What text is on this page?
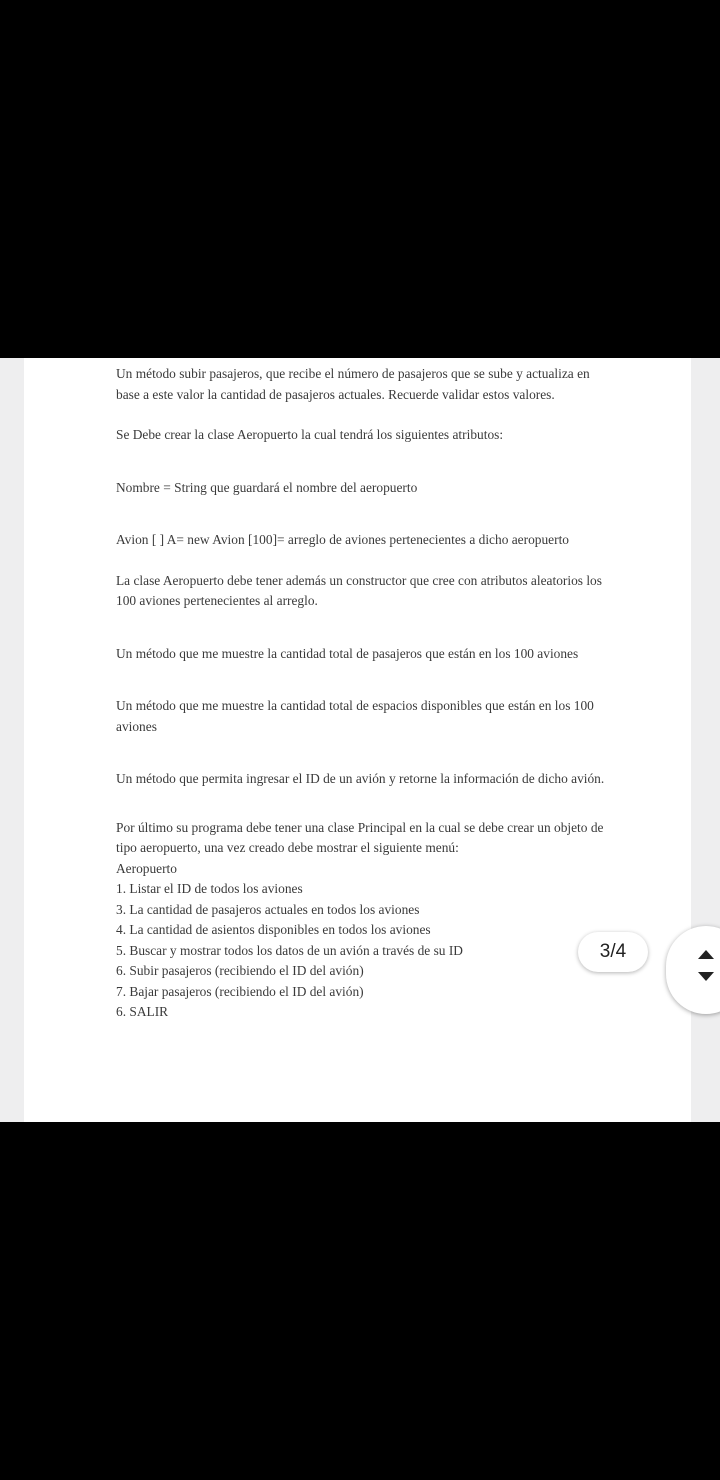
Un método subir pasajeros, que recibe el número de pasajeros que se sube y actualiza en base a este valor la cantidad de pasajeros actuales. Recuerde validar estos valores.

Se Debe crear la clase Aeropuerto la cual tendrá los siguientes atributos:

Nombre = String que guardará el nombre del aeropuerto

Avion [ ] A= new Avion [100]= arreglo de aviones pertenecientes a dicho aeropuerto

La clase Aeropuerto debe tener además un constructor que cree con atributos aleatorios los 100 aviones pertenecientes al arreglo.

Un método que me muestre la cantidad total de pasajeros que están en los 100 aviones

Un método que me muestre la cantidad total de espacios disponibles que están en los 100 aviones

Un método que permita ingresar el ID de un avión y retorne la información de dicho avión.

Por último su programa debe tener una clase Principal en la cual se debe crear un objeto de tipo aeropuerto, una vez creado debe mostrar el siguiente menú:

Aeropuerto

1. Listar el ID de todos los aviones
3. La cantidad de pasajeros actuales en todos los aviones
4. La cantidad de asientos disponibles en todos los aviones
5. Buscar y mostrar todos los datos de un avión a través de su ID
6. Subir pasajeros (recibiendo el ID del avión)
7. Bajar pasajeros (recibiendo el ID del avión)
6. SALIR
3/4
